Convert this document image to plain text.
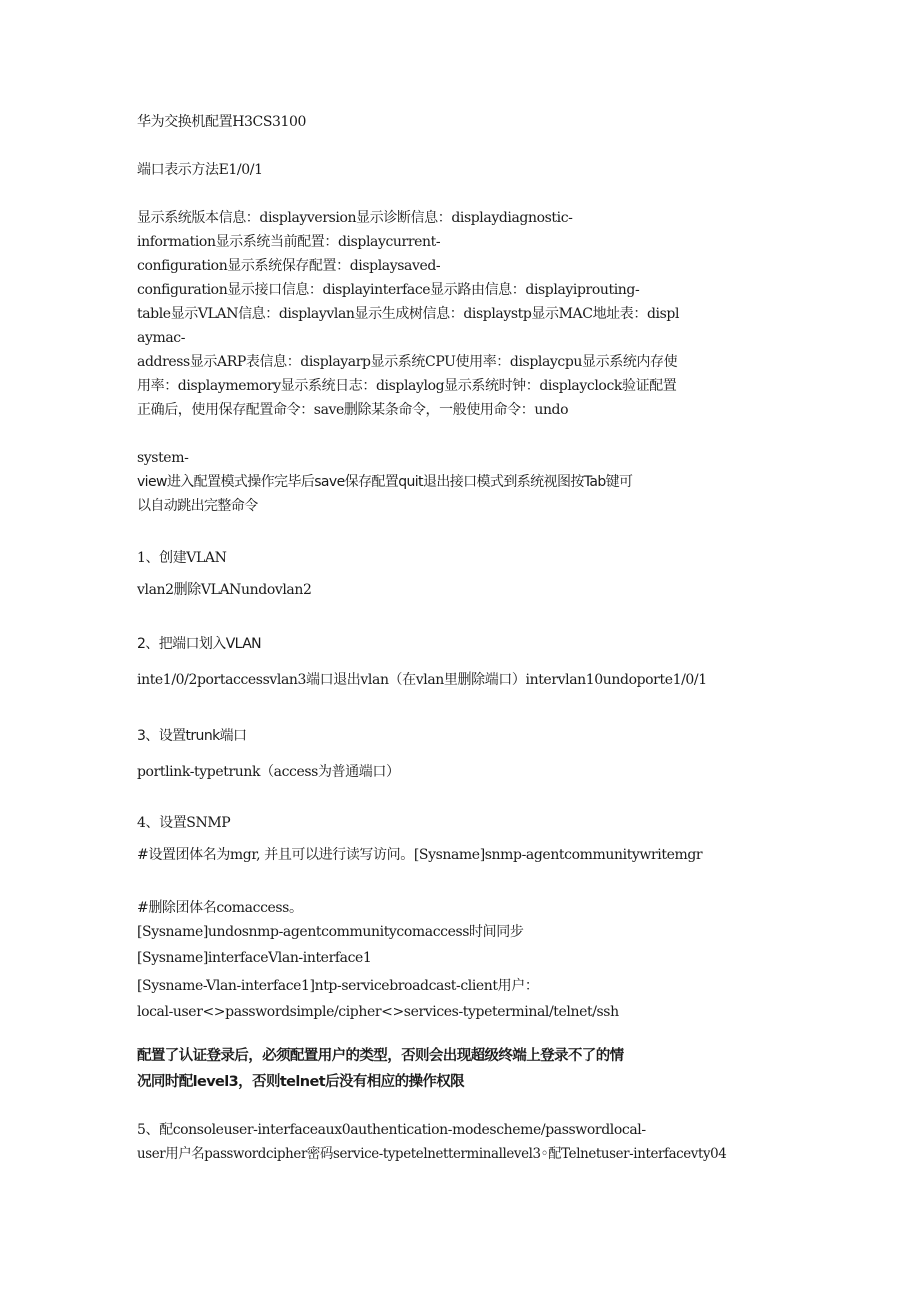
华为交换机配置H3CS3100
端口表示方法E1/0/1
显示系统版本信息：displayversion显示诊断信息：displaydiagnostic-
information显示系统当前配置：displaycurrent-
configuration显示系统保存配置：displaysaved-
configuration显示接口信息：displayinterface显示路由信息：displayiprouting-
table显示VLAN信息：displayvlan显示生成树信息：displaystp显示MAC地址表：displ
aymac-
address显示ARP表信息：displayarp显示系统CPU使用率：displaycpu显示系统内存使
用率：displaymemory显示系统日志：displaylog显示系统时钟：displayclock验证配置
正确后，使用保存配置命令：save删除某条命令，一般使用命令：undo
system-
view进入配置模式操作完毕后save保存配置quit退出接口模式到系统视图按Tab键可
以自动跳出完整命令
1、创建VLAN
vlan2删除VLANundovlan2
2、把端口划入VLAN
inte1/0/2portaccessvlan3端口退出vlan（在vlan里删除端口）intervlan10undoporte1/0/1
3、设置trunk端口
portlink-typetrunk（access为普通端口）
4、设置SNMP
#设置团体名为mgr, 并且可以进行读写访问。[Sysname]snmp-agentcommunitywritemgr
#删除团体名comaccess。
[Sysname]undosnmp-agentcommunitycomaccess时间同步
[Sysname]interfaceVlan-interface1
[Sysname-Vlan-interface1]ntp-servicebroadcast-client用户：
local-user<>passwordsimple/cipher<>services-typeterminal/telnet/ssh
配置了认证登录后，必须配置用户的类型，否则会出现超级终端上登录不了的情
况同时配level3，否则telnet后没有相应的操作权限
5、配consoleuser-interfaceaux0authentication-modescheme/passwordlocal-
user用户名passwordcipher密码service-typetelnetterminallevel3◦配Telnetuser-interfacevty04
